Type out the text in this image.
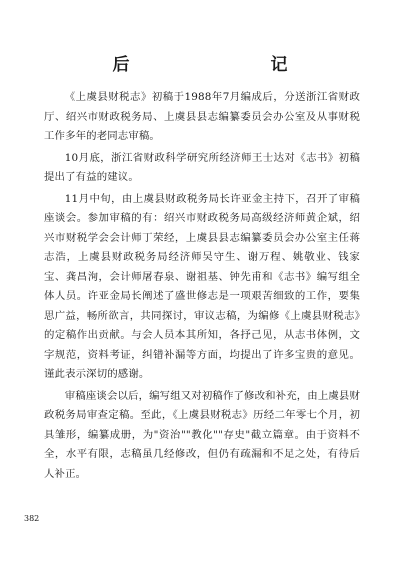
后　记

《上虞县财税志》初稿于1988年7月编成后，分送浙江省财政厅、绍兴市财政税务局、上虞县县志编纂委员会办公室及从事财税工作多年的老同志审稿。

10月底，浙江省财政科学研究所经济师王士达对《志书》初稿提出了有益的建议。

11月中旬，由上虞县财政税务局长许亚金主持下，召开了审稿座谈会。参加审稿的有：绍兴市财政税务局高级经济师黄企斌，绍兴市财税学会会计师丁荣经，上虞县县志编纂委员会办公室主任蒋志浩，上虞县财政税务局经济师吴守生、谢万程、姚敬业、钱家宝、龚昌洵，会计师屠春泉、谢祖基、钟先甫和《志书》编写组全体人员。许亚金局长阐述了盛世修志是一项艰苦细致的工作，要集思广益，畅所欲言，共同探讨，审议志稿，为编修《上虞县财税志》的定稿作出贡献。与会人员本其所知，各抒己见，从志书体例，文字规范，资料考证，纠错补漏等方面，均提出了许多宝贵的意见。谨此表示深切的感谢。

审稿座谈会以后，编写组又对初稿作了修改和补充，由上虞县财政税务局审查定稿。至此，《上虞县财税志》历经二年零七个月，初具雏形，编纂成册，为"资治""教化""存史"截立篇章。由于资料不全，水平有限，志稿虽几经修改，但仍有疏漏和不足之处，有待后人补正。

382
